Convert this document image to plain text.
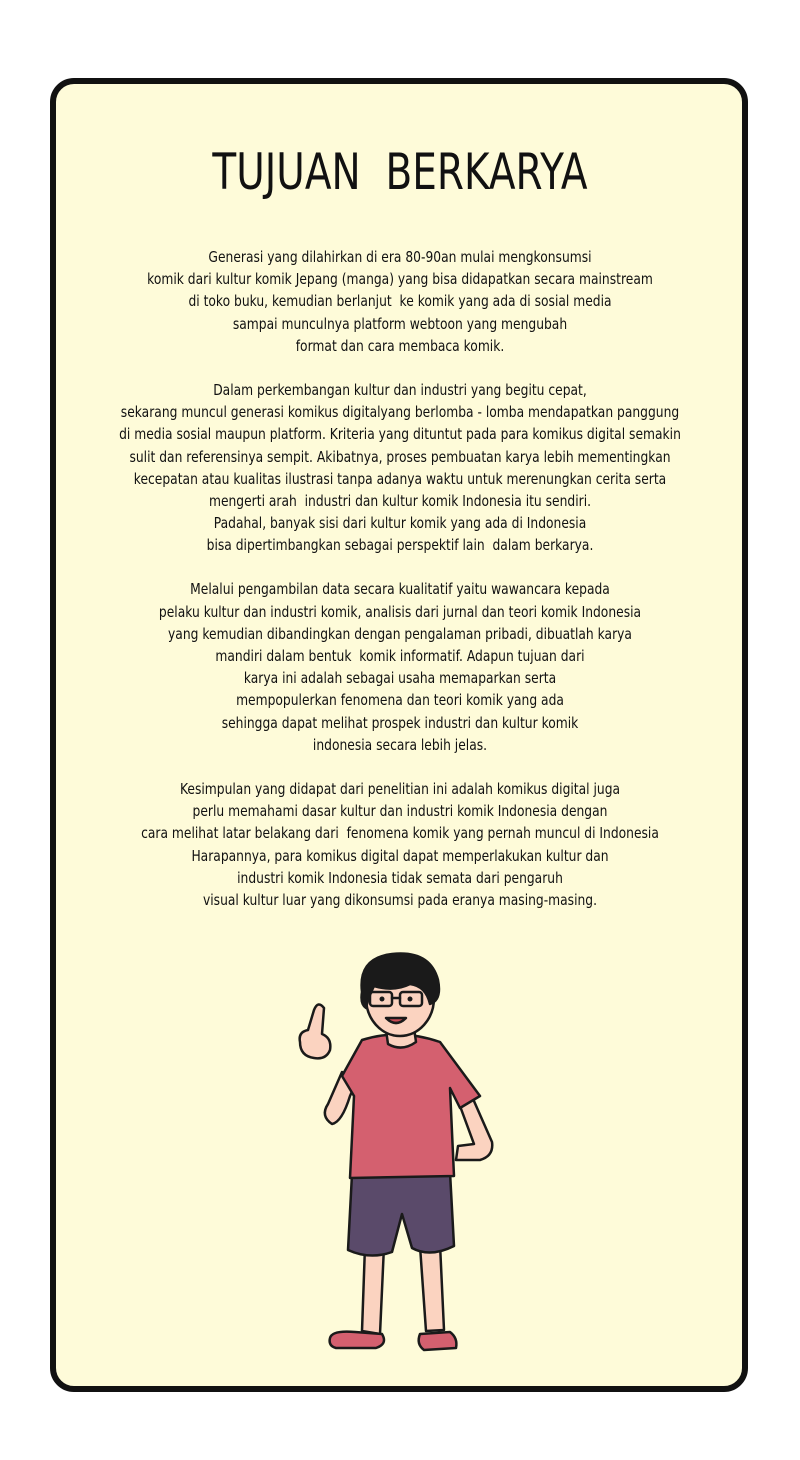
TUJUAN  BERKARYA
Generasi yang dilahirkan di era 80-90an mulai mengkonsumsi
komik dari kultur komik Jepang (manga) yang bisa didapatkan secara mainstream
di toko buku, kemudian berlanjut  ke komik yang ada di sosial media
sampai munculnya platform webtoon yang mengubah
format dan cara membaca komik.
Dalam perkembangan kultur dan industri yang begitu cepat,
sekarang muncul generasi komikus digitalyang berlomba - lomba mendapatkan panggung
di media sosial maupun platform. Kriteria yang dituntut pada para komikus digital semakin
sulit dan referensinya sempit. Akibatnya, proses pembuatan karya lebih mementingkan
kecepatan atau kualitas ilustrasi tanpa adanya waktu untuk merenungkan cerita serta
mengerti arah  industri dan kultur komik Indonesia itu sendiri.
Padahal, banyak sisi dari kultur komik yang ada di Indonesia
bisa dipertimbangkan sebagai perspektif lain  dalam berkarya.
Melalui pengambilan data secara kualitatif yaitu wawancara kepada
pelaku kultur dan industri komik, analisis dari jurnal dan teori komik Indonesia
yang kemudian dibandingkan dengan pengalaman pribadi, dibuatlah karya
mandiri dalam bentuk  komik informatif. Adapun tujuan dari
karya ini adalah sebagai usaha memaparkan serta
mempopulerkan fenomena dan teori komik yang ada
sehingga dapat melihat prospek industri dan kultur komik
indonesia secara lebih jelas.
Kesimpulan yang didapat dari penelitian ini adalah komikus digital juga
perlu memahami dasar kultur dan industri komik Indonesia dengan
cara melihat latar belakang dari  fenomena komik yang pernah muncul di Indonesia
Harapannya, para komikus digital dapat memperlakukan kultur dan
industri komik Indonesia tidak semata dari pengaruh
visual kultur luar yang dikonsumsi pada eranya masing-masing.
